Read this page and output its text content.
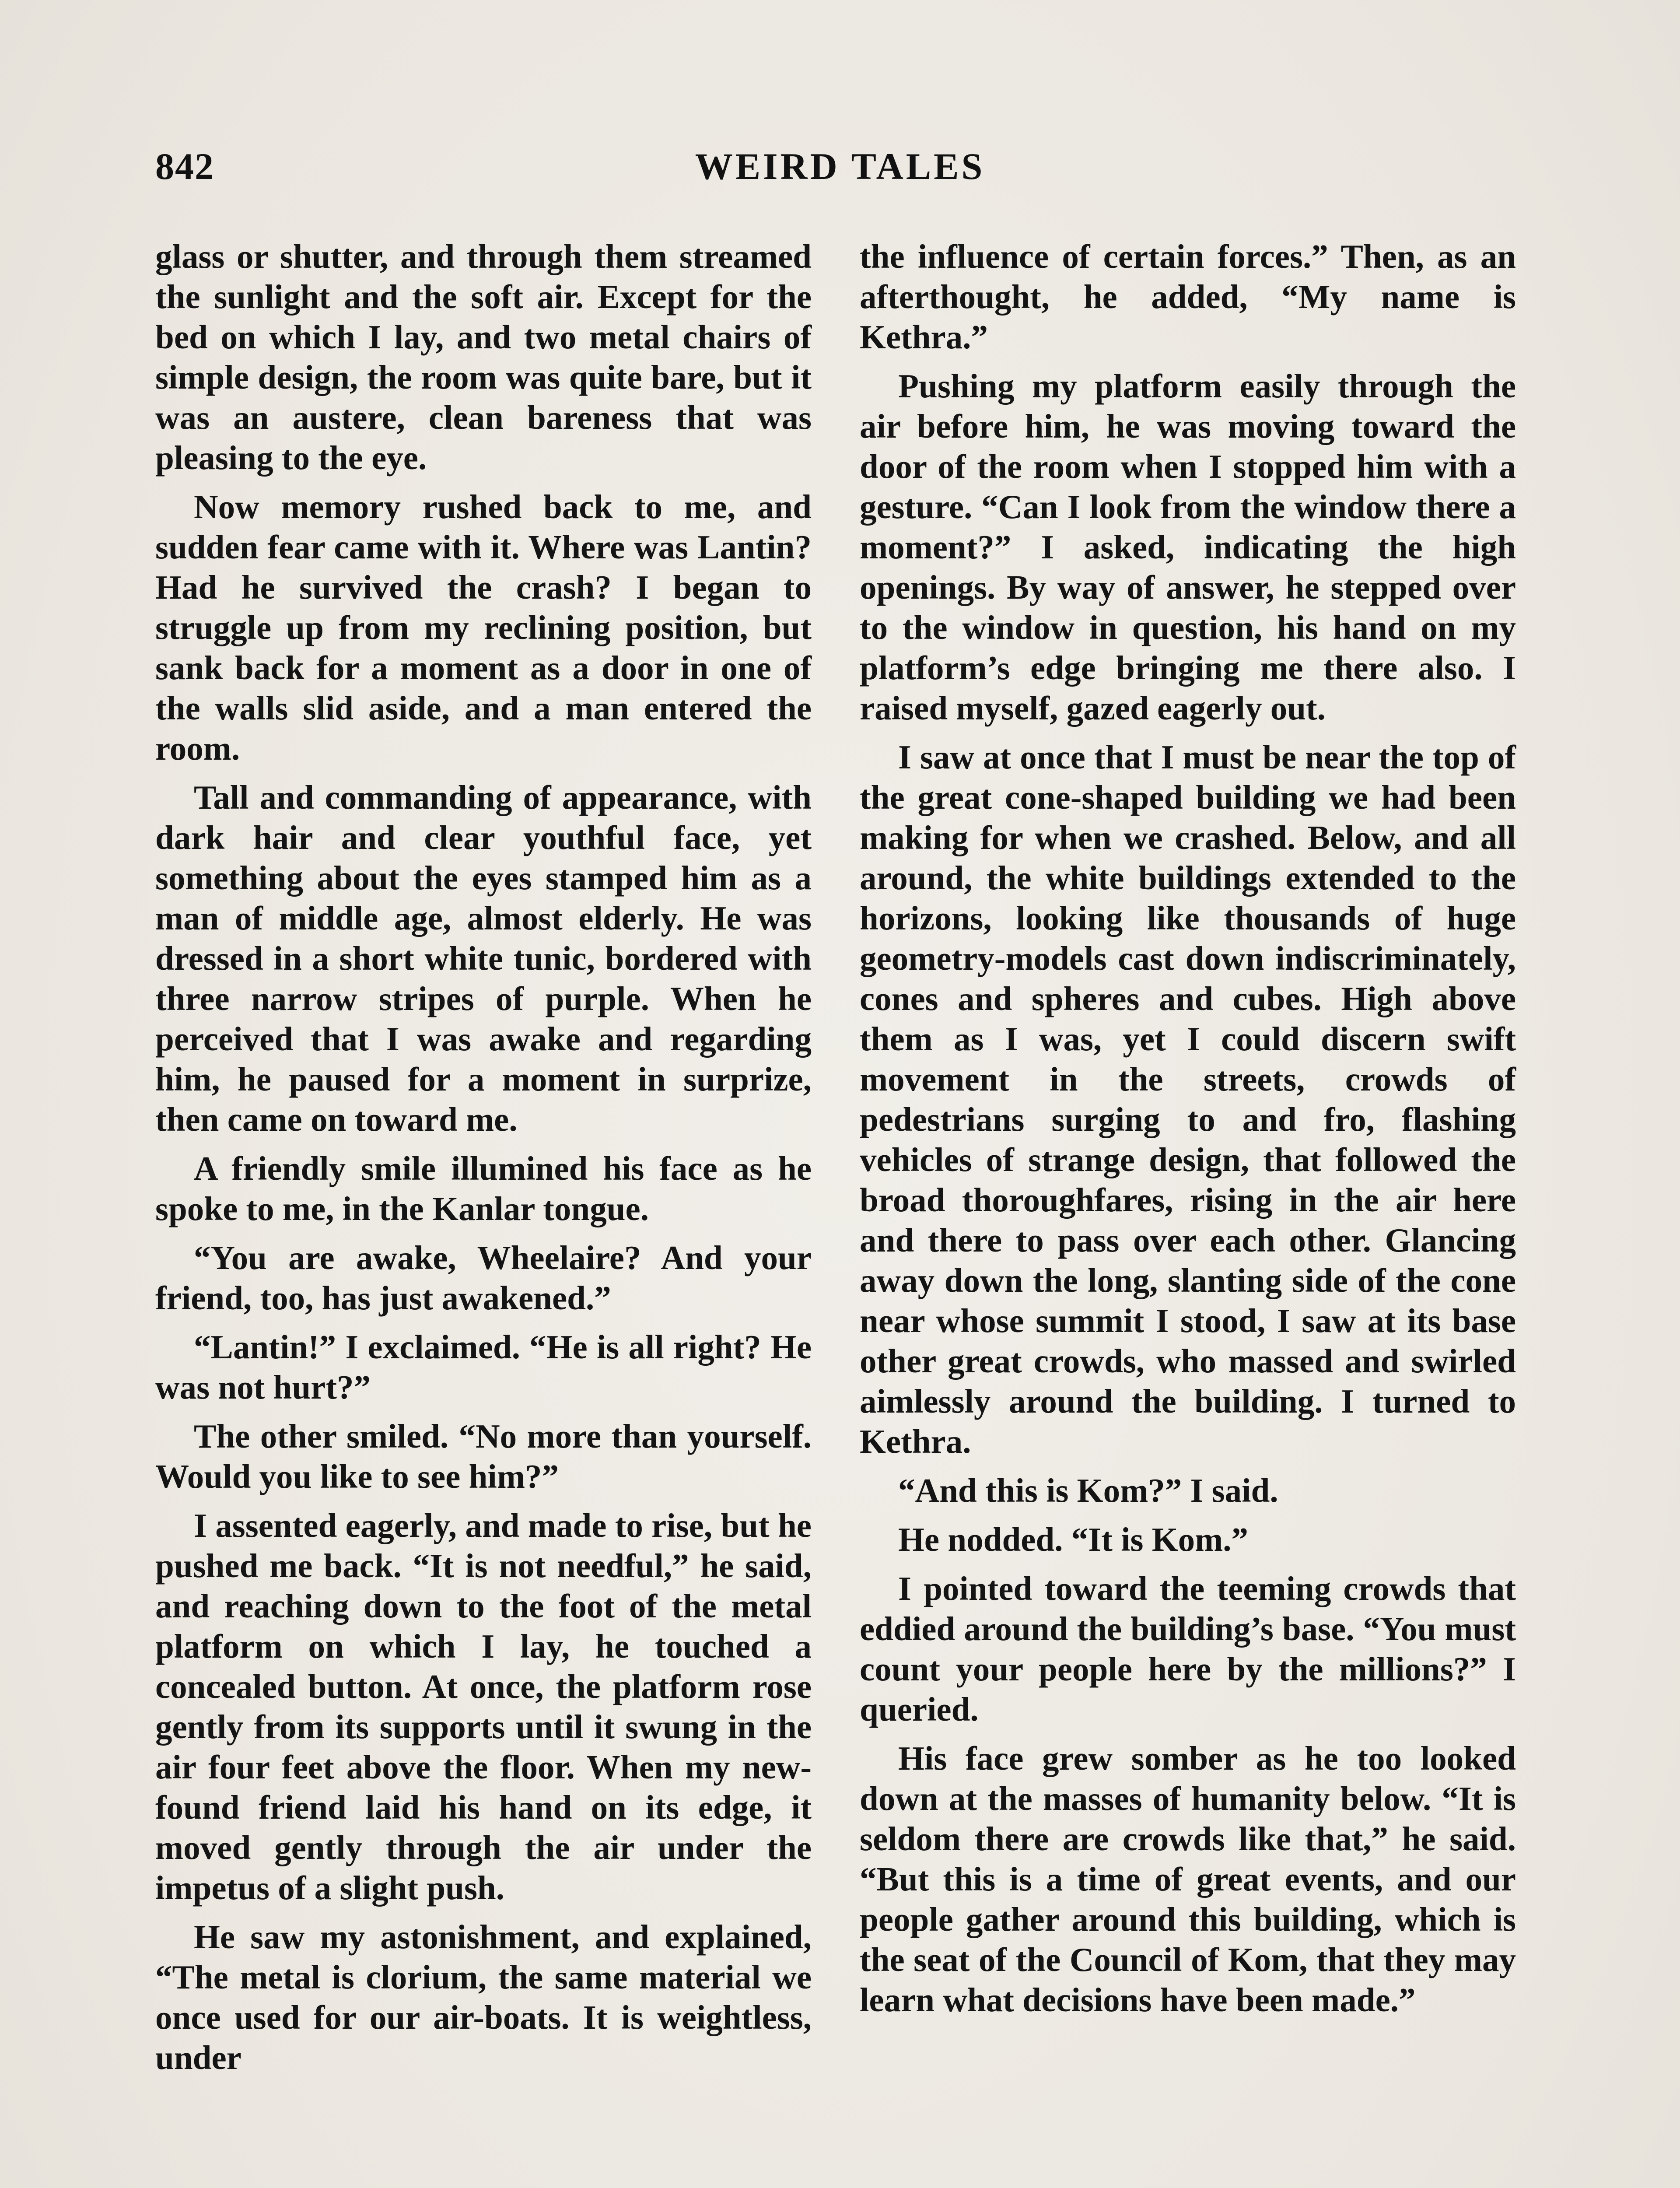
842	WEIRD TALES

glass or shutter, and through them streamed the sunlight and the soft air. Except for the bed on which I lay, and two metal chairs of simple design, the room was quite bare, but it was an austere, clean bareness that was pleasing to the eye.

Now memory rushed back to me, and sudden fear came with it. Where was Lantin? Had he survived the crash? I began to struggle up from my reclining position, but sank back for a moment as a door in one of the walls slid aside, and a man entered the room.

Tall and commanding of appearance, with dark hair and clear youthful face, yet something about the eyes stamped him as a man of middle age, almost elderly. He was dressed in a short white tunic, bordered with three narrow stripes of purple. When he perceived that I was awake and regarding him, he paused for a moment in surprize, then came on toward me.

A friendly smile illumined his face as he spoke to me, in the Kanlar tongue.

“You are awake, Wheelaire? And your friend, too, has just awakened.”

“Lantin!” I exclaimed. “He is all right? He was not hurt?”

The other smiled. “No more than yourself. Would you like to see him?”

I assented eagerly, and made to rise, but he pushed me back. “It is not needful,” he said, and reaching down to the foot of the metal platform on which I lay, he touched a concealed button. At once, the platform rose gently from its supports until it swung in the air four feet above the floor. When my new-found friend laid his hand on its edge, it moved gently through the air under the impetus of a slight push.

He saw my astonishment, and explained, “The metal is clorium, the same material we once used for our air-boats. It is weightless, under

the influence of certain forces.” Then, as an afterthought, he added, “My name is Kethra.”

Pushing my platform easily through the air before him, he was moving toward the door of the room when I stopped him with a gesture. “Can I look from the window there a moment?” I asked, indicating the high openings. By way of answer, he stepped over to the window in question, his hand on my platform’s edge bringing me there also. I raised myself, gazed eagerly out.

I saw at once that I must be near the top of the great cone-shaped building we had been making for when we crashed. Below, and all around, the white buildings extended to the horizons, looking like thousands of huge geometry-models cast down indiscriminately, cones and spheres and cubes. High above them as I was, yet I could discern swift movement in the streets, crowds of pedestrians surging to and fro, flashing vehicles of strange design, that followed the broad thoroughfares, rising in the air here and there to pass over each other. Glancing away down the long, slanting side of the cone near whose summit I stood, I saw at its base other great crowds, who massed and swirled aimlessly around the building. I turned to Kethra.

“And this is Kom?” I said.

He nodded. “It is Kom.”

I pointed toward the teeming crowds that eddied around the building’s base. “You must count your people here by the millions?” I queried.

His face grew somber as he too looked down at the masses of humanity below. “It is seldom there are crowds like that,” he said. “But this is a time of great events, and our people gather around this building, which is the seat of the Council of Kom, that they may learn what decisions have been made.”
